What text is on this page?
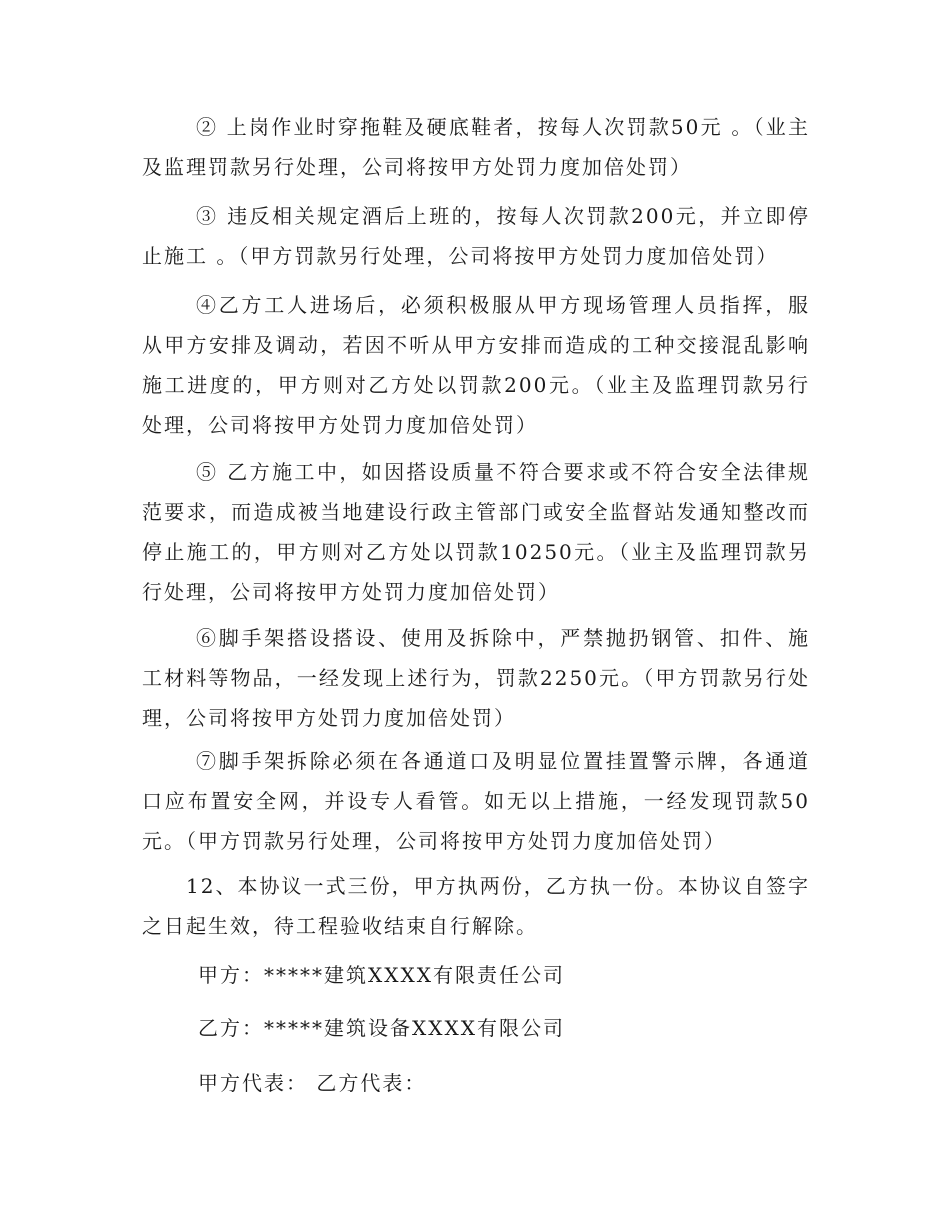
② 上岗作业时穿拖鞋及硬底鞋者，按每人次罚款50元 。（业主及监理罚款另行处理，公司将按甲方处罚力度加倍处罚）

③ 违反相关规定酒后上班的，按每人次罚款200元，并立即停止施工 。（甲方罚款另行处理，公司将按甲方处罚力度加倍处罚）

④乙方工人进场后，必须积极服从甲方现场管理人员指挥，服从甲方安排及调动，若因不听从甲方安排而造成的工种交接混乱影响施工进度的，甲方则对乙方处以罚款200元。（业主及监理罚款另行处理，公司将按甲方处罚力度加倍处罚）

⑤ 乙方施工中，如因搭设质量不符合要求或不符合安全法律规范要求，而造成被当地建设行政主管部门或安全监督站发通知整改而停止施工的，甲方则对乙方处以罚款10250元。（业主及监理罚款另行处理，公司将按甲方处罚力度加倍处罚）

⑥脚手架搭设搭设、使用及拆除中，严禁抛扔钢管、扣件、施工材料等物品，一经发现上述行为，罚款2250元。（甲方罚款另行处理，公司将按甲方处罚力度加倍处罚）

⑦脚手架拆除必须在各通道口及明显位置挂置警示牌，各通道口应布置安全网，并设专人看管。如无以上措施，一经发现罚款50元。（甲方罚款另行处理，公司将按甲方处罚力度加倍处罚）

12、本协议一式三份，甲方执两份，乙方执一份。本协议自签字之日起生效，待工程验收结束自行解除。

甲方：*****建筑XXXX有限责任公司

乙方：*****建筑设备XXXX有限公司

甲方代表： 乙方代表：
